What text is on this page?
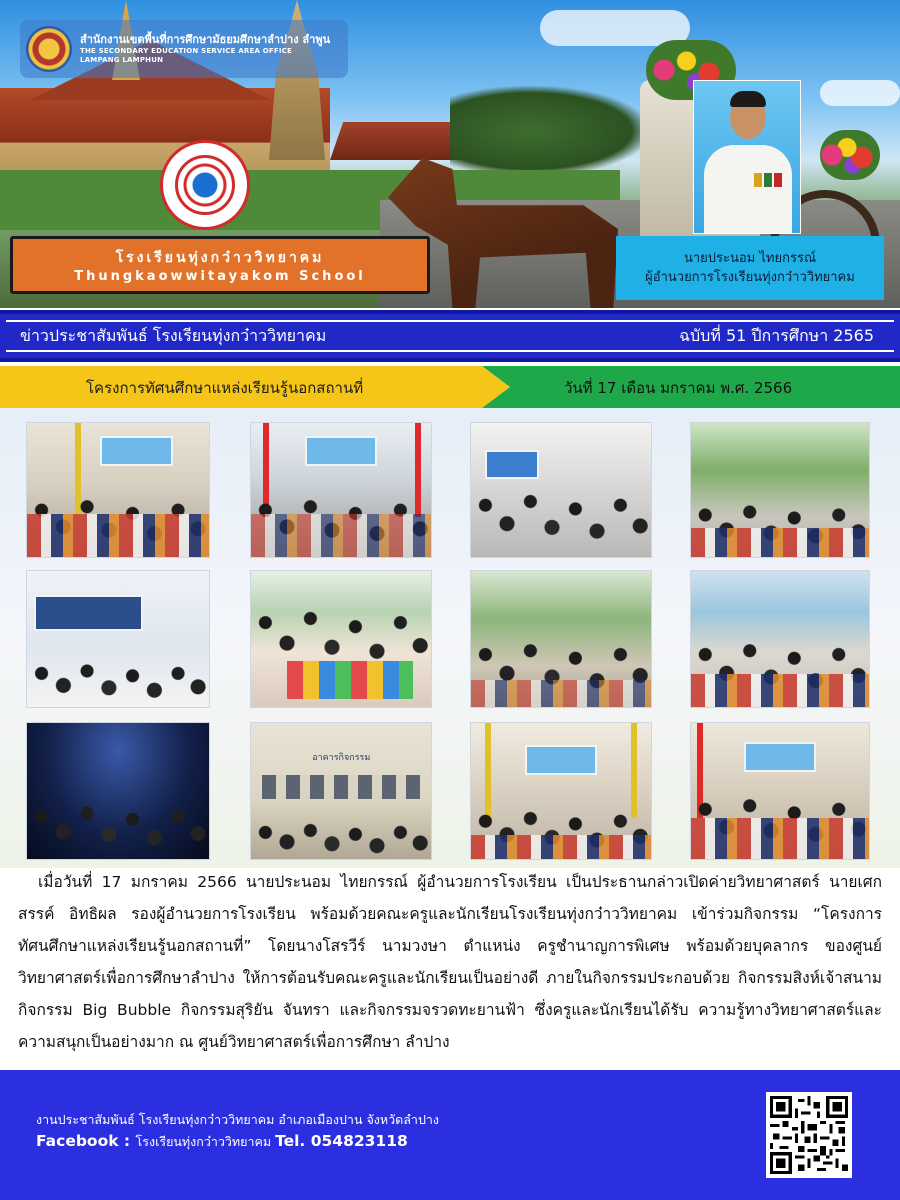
สำนักงานเขตพื้นที่การศึกษามัธยมศึกษาลำปาง ลำพูน
THE SECONDARY EDUCATION SERVICE AREA OFFICE
LAMPANG LAMPHUN
โรงเรียนทุ่งกว๋าววิทยาคม
Thungkaowwitayakom School
นายประนอม ไทยกรรณ์
ผู้อำนวยการโรงเรียนทุ่งกว๋าววิทยาคม
ข่าวประชาสัมพันธ์ โรงเรียนทุ่งกว๋าววิทยาคม	ฉบับที่ 51 ปีการศึกษา 2565
โครงการทัศนศึกษาแหล่งเรียนรู้นอกสถานที่	วันที่ 17 เดือน มกราคม พ.ศ. 2566
อาคารกิจกรรม

เมื่อวันที่ 17 มกราคม 2566 นายประนอม ไทยกรรณ์ ผู้อำนวยการโรงเรียน เป็นประธานกล่าวเปิดค่ายวิทยาศาสตร์ นายเศกสรรค์ อิทธิผล รองผู้อำนวยการโรงเรียน พร้อมด้วยคณะครูและนักเรียนโรงเรียนทุ่งกว๋าววิทยาคม เข้าร่วมกิจกรรม “โครงการทัศนศึกษาแหล่งเรียนรู้นอกสถานที่” โดยนางโสรวีร์ นามวงษา ตำแหน่ง ครูชำนาญการพิเศษ พร้อมด้วยบุคลากร ของศูนย์วิทยาศาสตร์เพื่อการศึกษาลำปาง ให้การต้อนรับคณะครูและนักเรียนเป็นอย่างดี ภายในกิจกรรมประกอบด้วย กิจกรรมสิงห์เจ้าสนาม กิจกรรม Big Bubble กิจกรรมสุริยัน จันทรา และกิจกรรมจรวดทะยานฟ้า ซึ่งครูและนักเรียนได้รับ ความรู้ทางวิทยาศาสตร์และความสนุกเป็นอย่างมาก ณ ศูนย์วิทยาศาสตร์เพื่อการศึกษา ลำปาง

งานประชาสัมพันธ์ โรงเรียนทุ่งกว๋าววิทยาคม อำเภอเมืองปาน จังหวัดลำปาง
Facebook : โรงเรียนทุ่งกว๋าววิทยาคม Tel. 054823118
